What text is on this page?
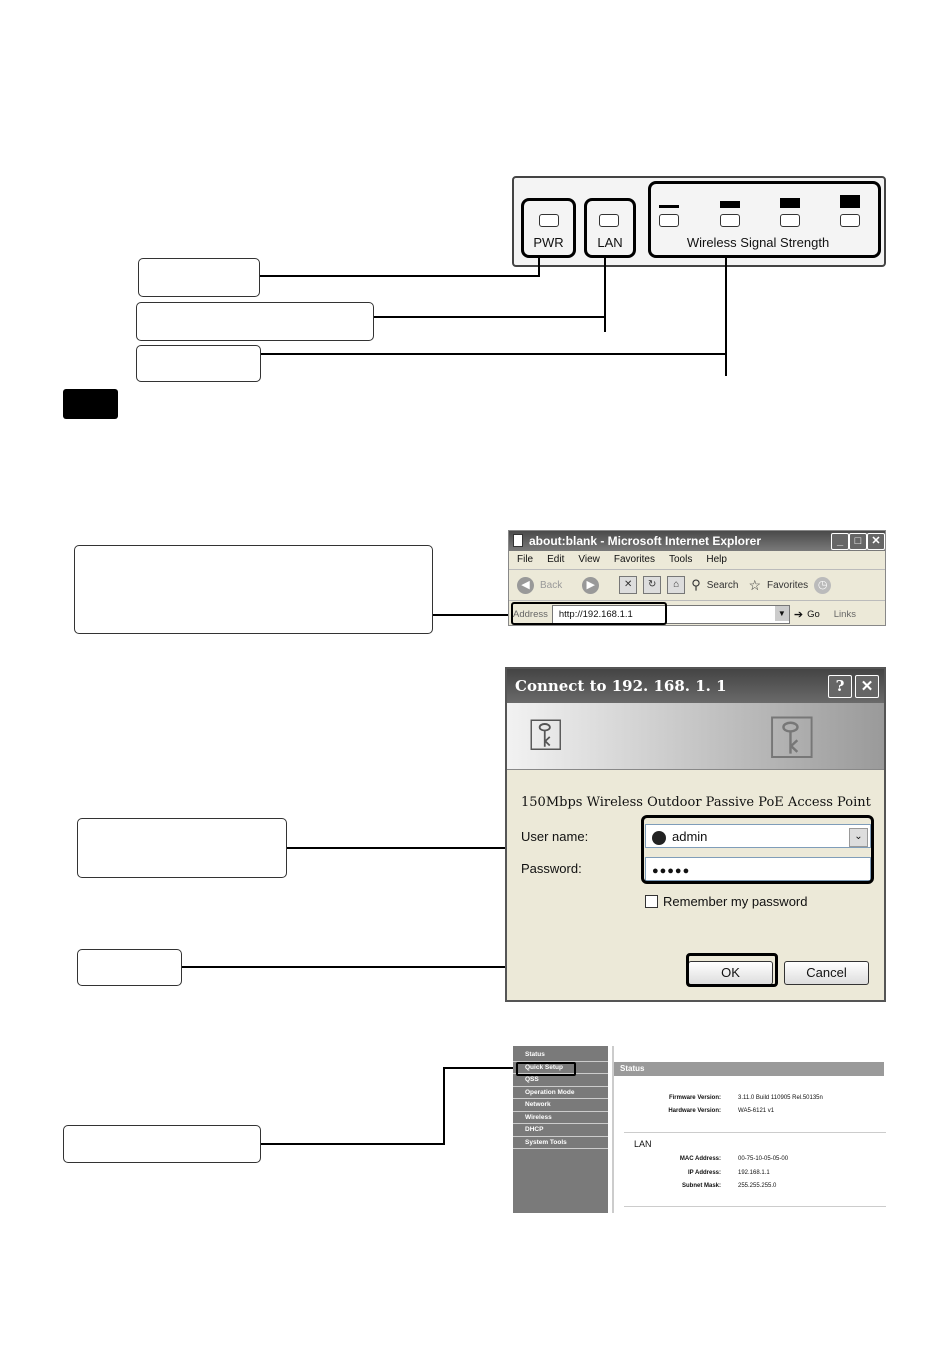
PWR	LAN	Wireless Signal Strength
about:blank - Microsoft Internet Explorer	_	□ ✕
File Edit View Favorites Tools Help
◀	Back	▶	✕	↻	⌂ ⚲ Search ☆ Favorites ◷
Address	http://192.168.1.1	▼ ➔ Go Links
Connect to 192. 168. 1. 1	?	✕
⚿	⚿
150Mbps Wireless Outdoor Passive PoE Access Point
User name:	admin	⌄
Password:	●●●●●
Remember my password
OK	Cancel
Status
Quick Setup
QSS
Operation Mode
Network
Wireless
DHCP
System Tools
Status
Firmware Version:	3.11.0 Build 110905 Rel.50135n
Hardware Version:	WA5-6121 v1
LAN
MAC Address:	00-75-10-05-05-00
IP Address:	192.168.1.1
Subnet Mask:	255.255.255.0
